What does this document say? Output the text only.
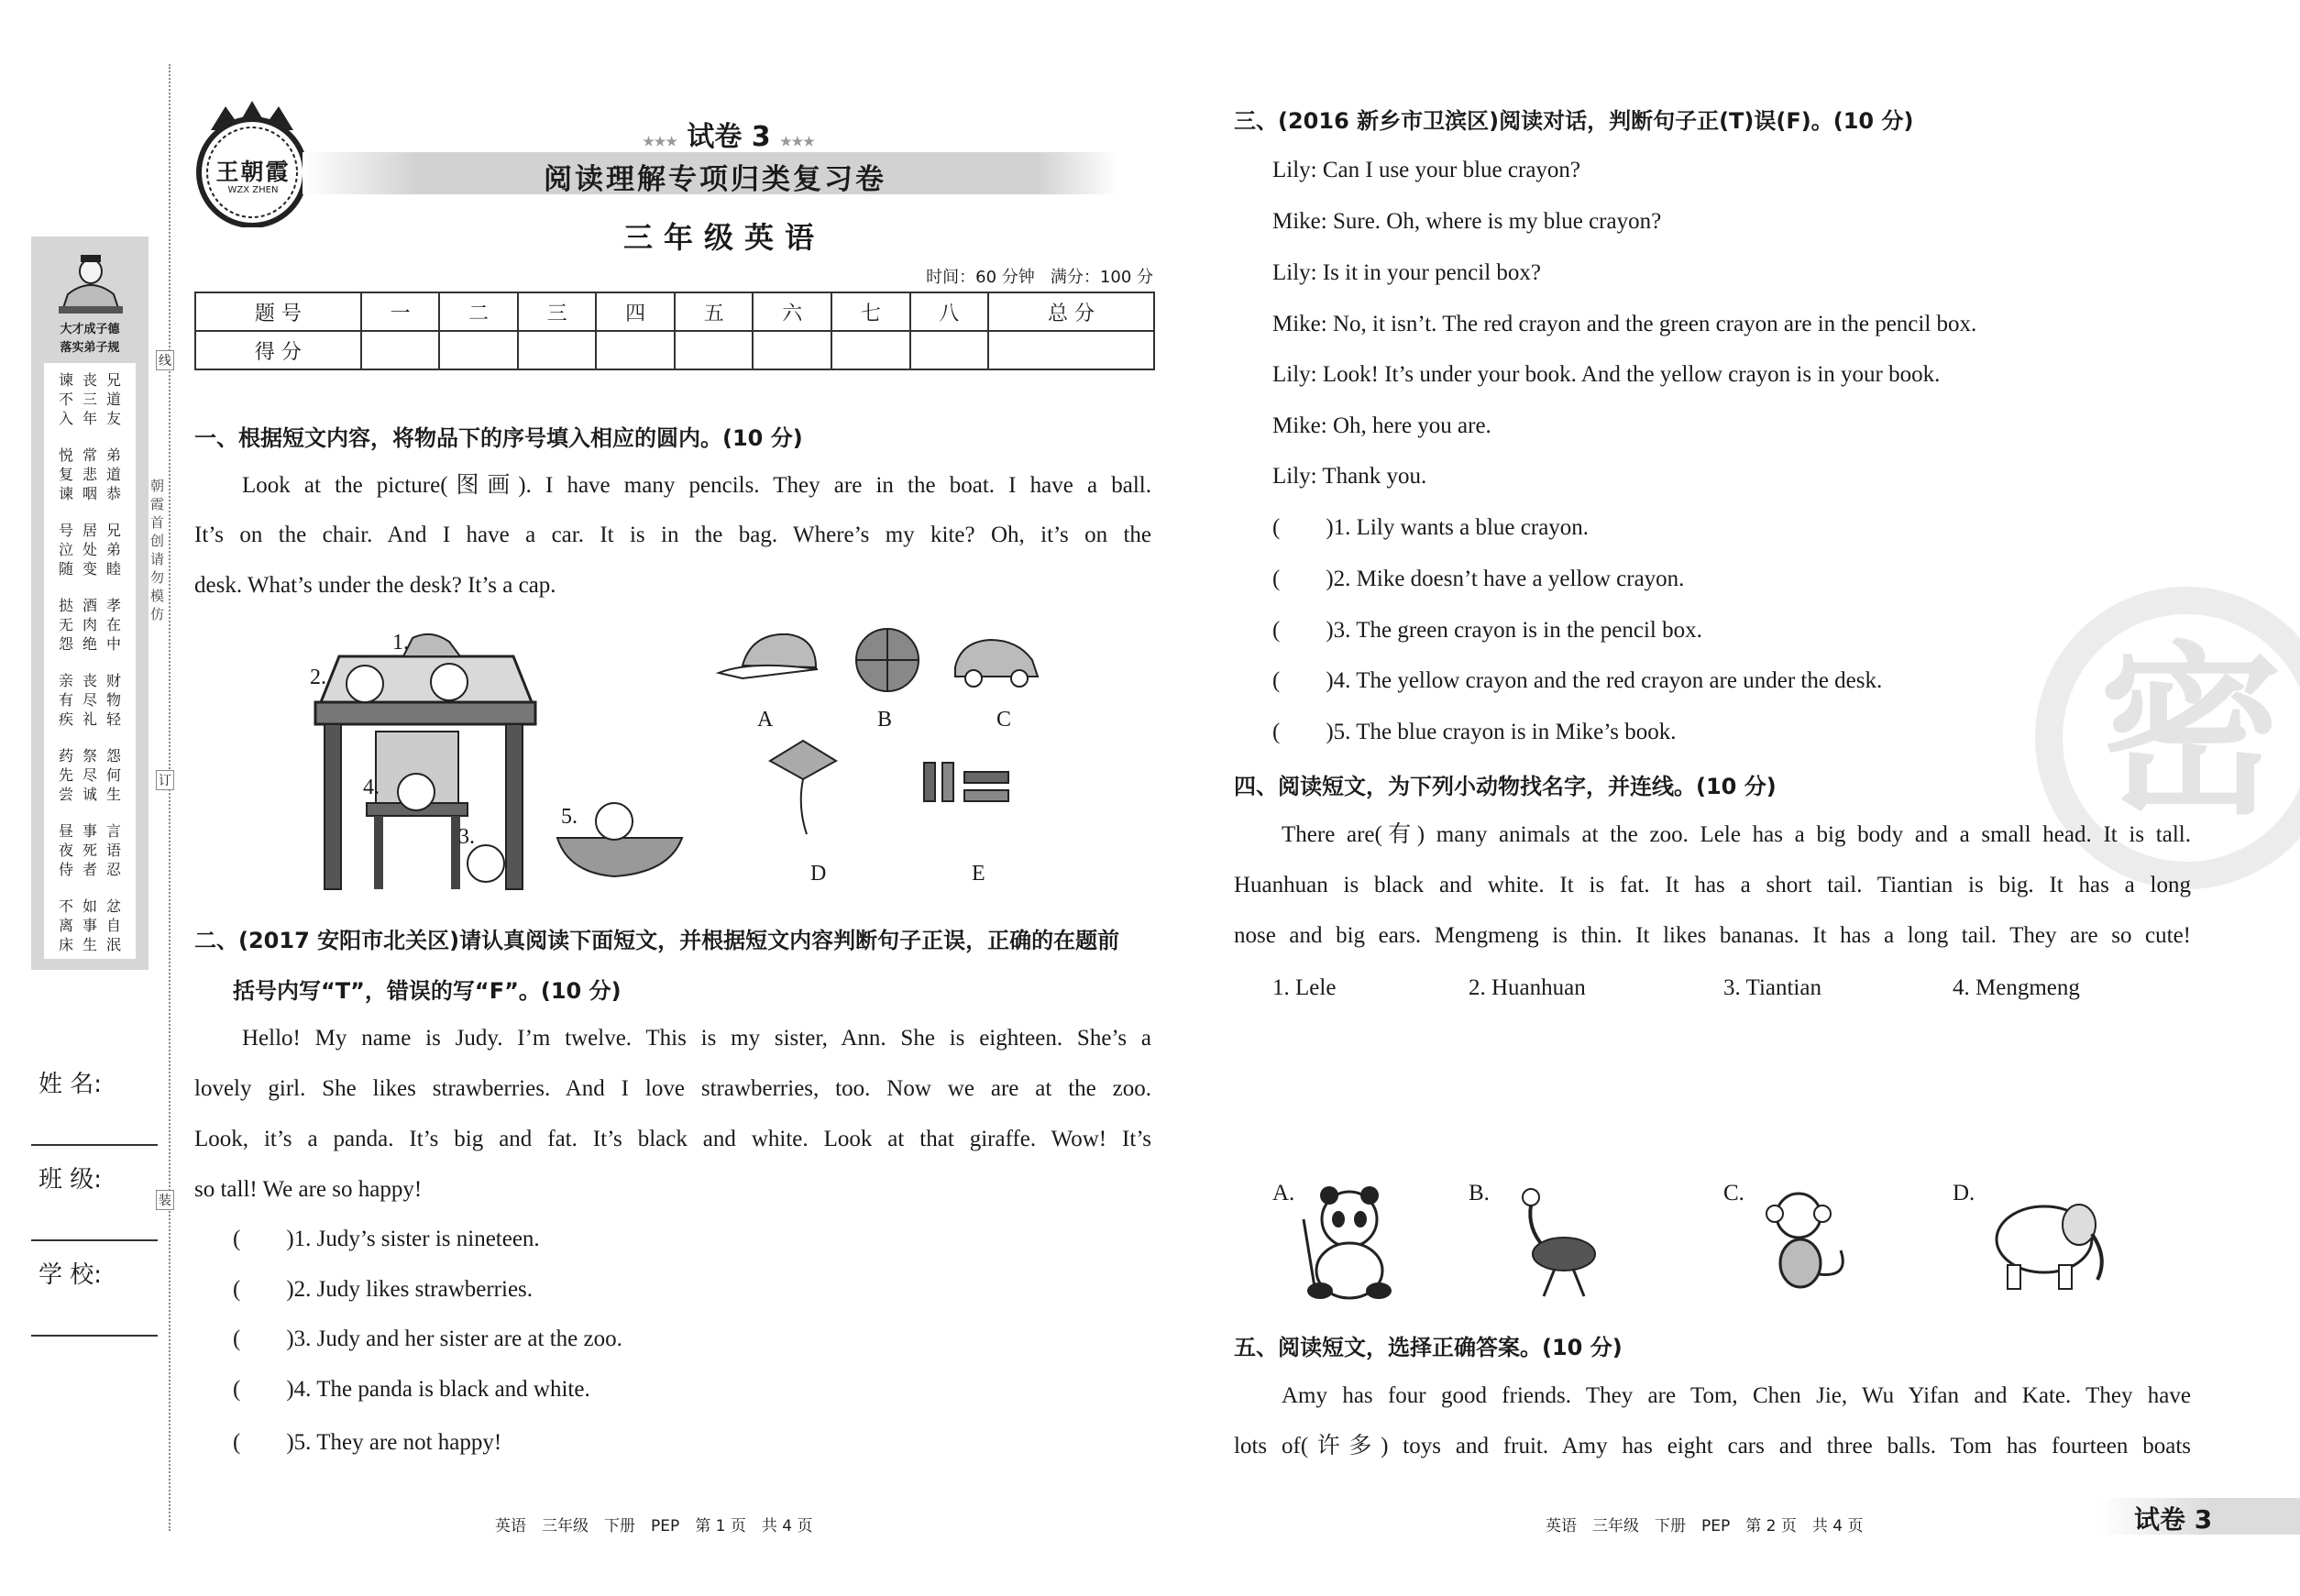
大才成子德
落实弟子规
兄道友
丧三年
谏不入
弟道恭
常悲咽
悦复谏
兄弟睦
居处变
号泣随
孝在中
酒肉绝
挞无怨
财物轻
丧尽礼
亲有疾
怨何生
祭尽诚
药先尝
言语忍
事死者
昼夜侍
忿自泯
如事生
不离床
线
朝霞首创 请勿模仿
订
装
姓 名:
班 级:
学 校:
王朝霞
WZX ZHEN
★★★ 试卷 3 ★★★
阅读理解专项归类复习卷
三年级英语
时间：60 分钟   满分：100 分
题 号	一	二	三	四	五	六	七	八	总 分
得 分									
一、根据短文内容，将物品下的序号填入相应的圆内。(10 分)
Look at the picture(图画). I have many pencils. They are in the boat. I have a ball.
It’s on the chair. And I have a car. It is in the bag. Where’s my kite? Oh, it’s on the
desk. What’s under the desk? It’s a cap.
1.
2.
3.
4.
5.
A	B	C
D	E
二、(2017 安阳市北关区)请认真阅读下面短文，并根据短文内容判断句子正误，正确的在题前
括号内写“T”，错误的写“F”。(10 分)
Hello! My name is Judy. I’m twelve. This is my sister, Ann. She is eighteen. She’s a
lovely girl. She likes strawberries. And I love strawberries, too. Now we are at the zoo.
Look, it’s a panda. It’s big and fat. It’s black and white. Look at that giraffe. Wow! It’s
so tall! We are so happy!
(　　)1. Judy’s sister is nineteen.
(　　)2. Judy likes strawberries.
(　　)3. Judy and her sister are at the zoo.
(　　)4. The panda is black and white.
(　　)5. They are not happy!
英语　三年级　下册　PEP　第 1 页　共 4 页
密
三、(2016 新乡市卫滨区)阅读对话，判断句子正(T)误(F)。(10 分)
Lily: Can I use your blue crayon?
Mike: Sure. Oh, where is my blue crayon?
Lily: Is it in your pencil box?
Mike: No, it isn’t. The red crayon and the green crayon are in the pencil box.
Lily: Look! It’s under your book. And the yellow crayon is in your book.
Mike: Oh, here you are.
Lily: Thank you.
(　　)1. Lily wants a blue crayon.
(　　)2. Mike doesn’t have a yellow crayon.
(　　)3. The green crayon is in the pencil box.
(　　)4. The yellow crayon and the red crayon are under the desk.
(　　)5. The blue crayon is in Mike’s book.
四、阅读短文，为下列小动物找名字，并连线。(10 分)
There are(有) many animals at the zoo. Lele has a big body and a small head. It is tall.
Huanhuan is black and white. It is fat. It has a short tail. Tiantian is big. It has a long
nose and big ears. Mengmeng is thin. It likes bananas. It has a long tail. They are so cute!
1. Lele	2. Huanhuan	3. Tiantian	4. Mengmeng
A.	B.	C.	D.
五、阅读短文，选择正确答案。(10 分)
Amy has four good friends. They are Tom, Chen Jie, Wu Yifan and Kate. They have
lots of(许多) toys and fruit. Amy has eight cars and three balls. Tom has fourteen boats
英语　三年级　下册　PEP　第 2 页　共 4 页	试卷 3
